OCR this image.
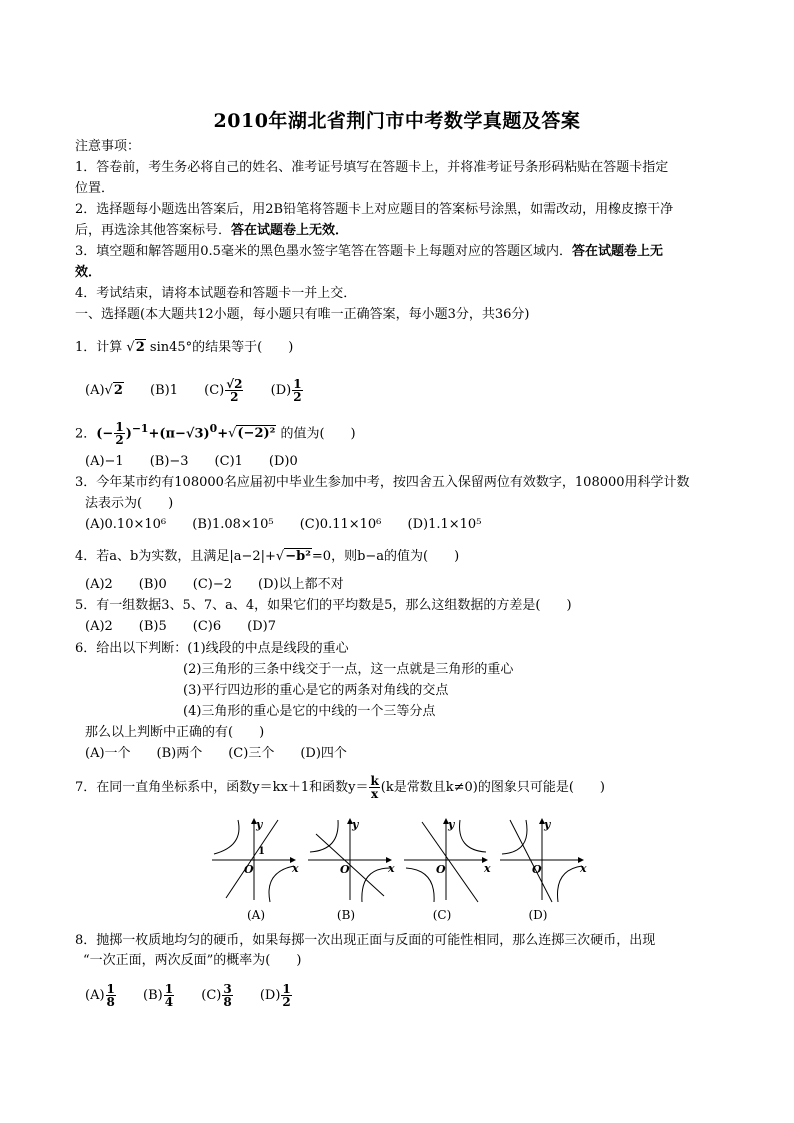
2010年湖北省荆门市中考数学真题及答案
注意事项：
1．答卷前，考生务必将自己的姓名、准考证号填写在答题卡上，并将准考证号条形码粘贴在答题卡指定
位置．
2．选择题每小题选出答案后，用2B铅笔将答题卡上对应题目的答案标号涂黑，如需改动，用橡皮擦干净
后，再选涂其他答案标号．答在试题卷上无效．
3．填空题和解答题用0.5毫米的黑色墨水签字笔答在答题卡上每题对应的答题区域内．答在试题卷上无
效．
4．考试结束，请将本试题卷和答题卡一并上交．
一、选择题(本大题共12小题，每小题只有唯一正确答案，每小题3分，共36分)
1．计算 √2 sin45°的结果等于(　　)
(A)√2 (B)1 $(C) \frac{√2}{2} (D) \frac{1}{2}$
2．(− $\frac{1}{2} )^{-1}+(\pi-√3)^0+√(-2)^2$ 的值为(　　)
(A)−1　　(B)−3　　(C)1　　(D)0
3．今年某市约有108000名应届初中毕业生参加中考，按四舍五入保留两位有效数字，108000用科学计数
法表示为(　　)
(A)0.10×10⁶ (B)1.08×10⁵ (C)0.11×10⁶ (D)1.1×10⁵
4．若a、b为实数，且满足|a−2|+√−b²=0，则b−a的值为(　　)
(A)2　　(B)0　　(C)−2　　(D)以上都不对
5．有一组数据3、5、7、a、4，如果它们的平均数是5，那么这组数据的方差是(　　)
(A)2　　(B)5　　(C)6　　(D)7
6．给出以下判断：(1)线段的中点是线段的重心
(2)三角形的三条中线交于一点，这一点就是三角形的重心
(3)平行四边形的重心是它的两条对角线的交点
(4)三角形的重心是它的中线的一个三等分点
那么以上判断中正确的有(　　)
(A)一个　　(B)两个　　(C)三个　　(D)四个
7．在同一直角坐标系中，函数y＝kx＋1和函数$y= \frac{k}{x} (k$是常数且k≠0)的图象只可能是(　　)
y
x
O
1
y
x
O
y
x
O
y
x
O
(A)	(B)	(C)	(D)
8．抛掷一枚质地均匀的硬币，如果每掷一次出现正面与反面的可能性相同，那么连掷三次硬币，出现
“一次正面，两次反面”的概率为(　　)
$(A) \frac{1}{8} (B) \frac{1}{4} (C) \frac{3}{8} (D) \frac{1}{2}$
